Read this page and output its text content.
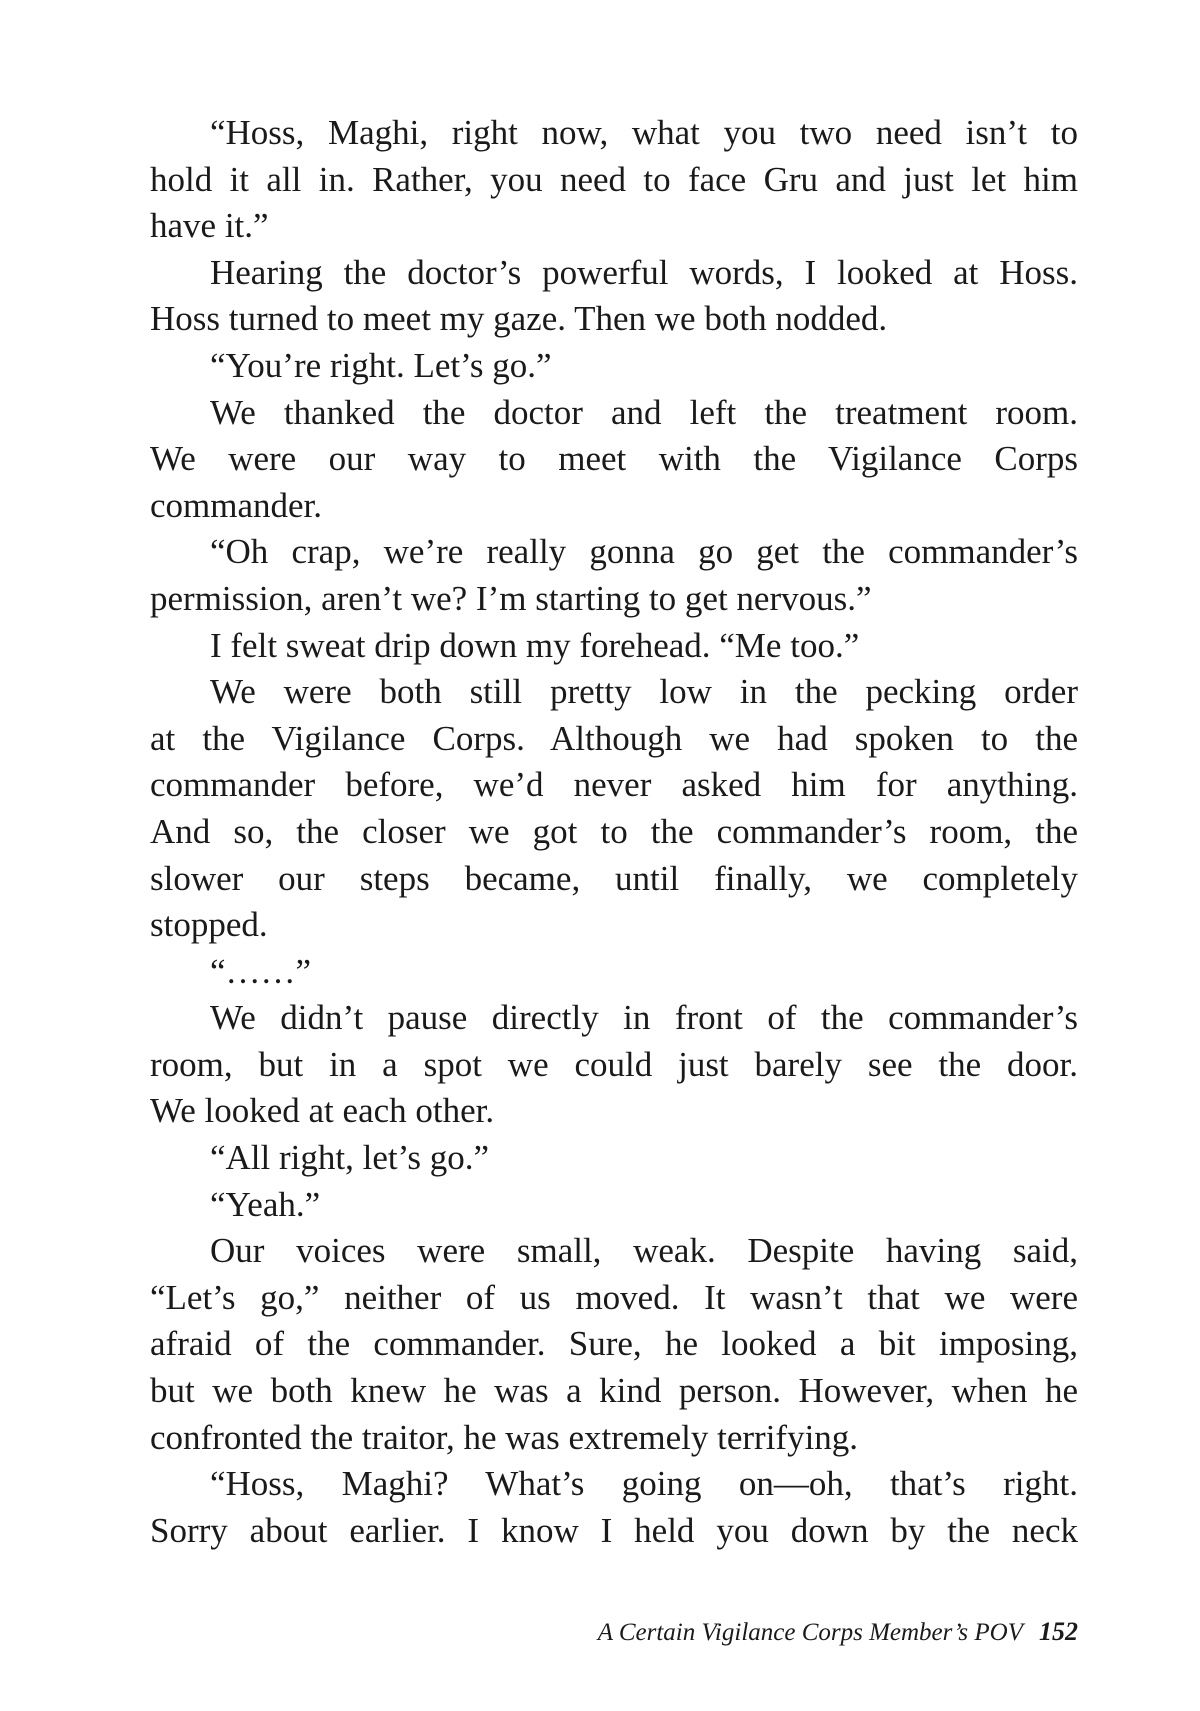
“Hoss, Maghi, right now, what you two need isn’t to
hold it all in. Rather, you need to face Gru and just let him
have it.”
Hearing the doctor’s powerful words, I looked at Hoss.
Hoss turned to meet my gaze. Then we both nodded.
“You’re right. Let’s go.”
We thanked the doctor and left the treatment room.
We were our way to meet with the Vigilance Corps
commander.
“Oh crap, we’re really gonna go get the commander’s
permission, aren’t we? I’m starting to get nervous.”
I felt sweat drip down my forehead. “Me too.”
We were both still pretty low in the pecking order
at the Vigilance Corps. Although we had spoken to the
commander before, we’d never asked him for anything.
And so, the closer we got to the commander’s room, the
slower our steps became, until finally, we completely
stopped.
“……”
We didn’t pause directly in front of the commander’s
room, but in a spot we could just barely see the door.
We looked at each other.
“All right, let’s go.”
“Yeah.”
Our voices were small, weak. Despite having said,
“Let’s go,” neither of us moved. It wasn’t that we were
afraid of the commander. Sure, he looked a bit imposing,
but we both knew he was a kind person. However, when he
confronted the traitor, he was extremely terrifying.
“Hoss, Maghi? What’s going on—oh, that’s right.
Sorry about earlier. I know I held you down by the neck
A Certain Vigilance Corps Member’s POV 152
